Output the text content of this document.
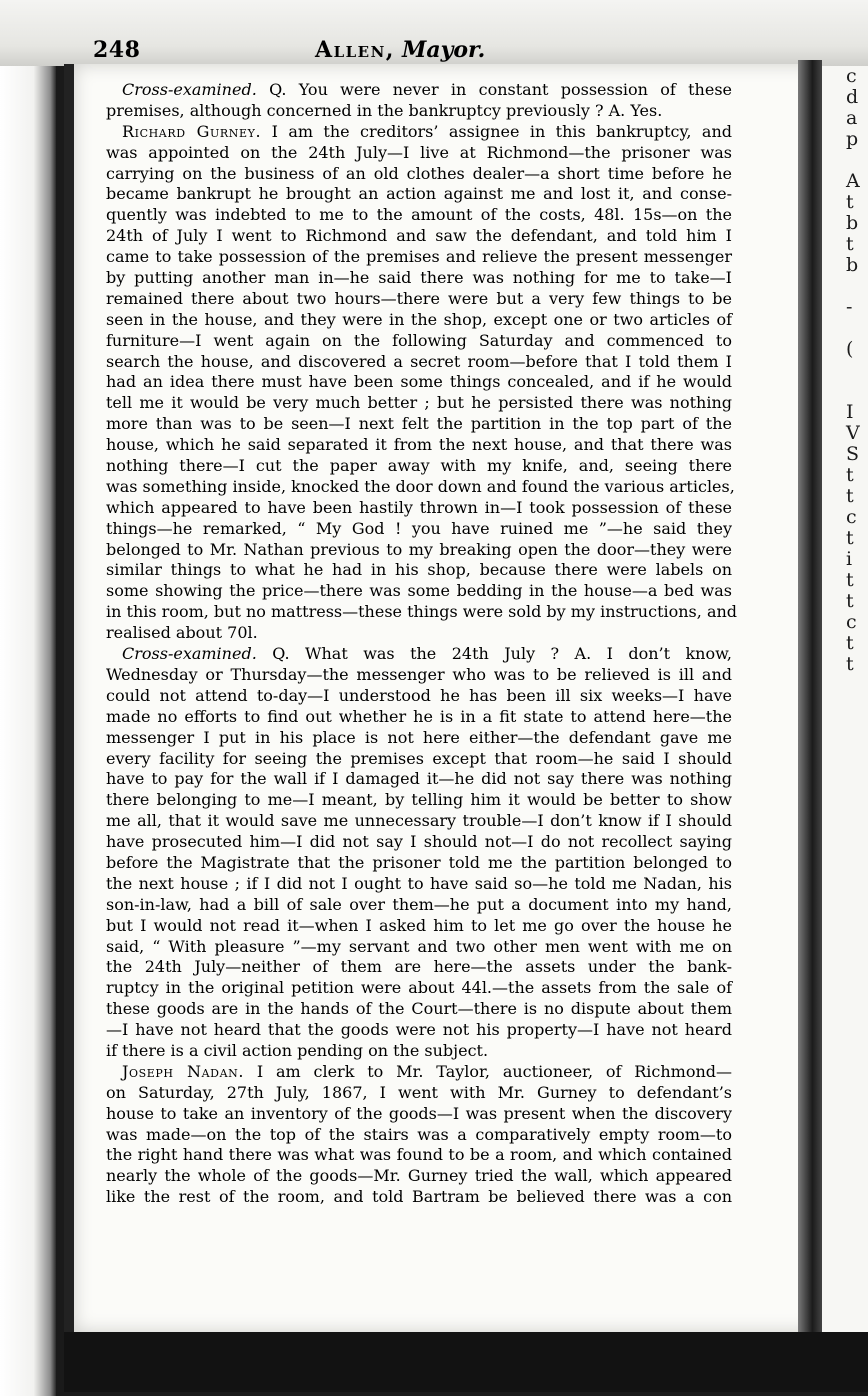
248	Allen, Mayor.
Cross-examined. Q. You were never in constant possession of these
premises, although concerned in the bankruptcy previously ? A. Yes.
Richard Gurney. I am the creditors’ assignee in this bankruptcy, and
was appointed on the 24th July—I live at Richmond—the prisoner was
carrying on the business of an old clothes dealer—a short time before he
became bankrupt he brought an action against me and lost it, and conse-
quently was indebted to me to the amount of the costs, 48l. 15s—on the
24th of July I went to Richmond and saw the defendant, and told him I
came to take possession of the premises and relieve the present messenger
by putting another man in—he said there was nothing for me to take—I
remained there about two hours—there were but a very few things to be
seen in the house, and they were in the shop, except one or two articles of
furniture—I went again on the following Saturday and commenced to
search the house, and discovered a secret room—before that I told them I
had an idea there must have been some things concealed, and if he would
tell me it would be very much better ; but he persisted there was nothing
more than was to be seen—I next felt the partition in the top part of the
house, which he said separated it from the next house, and that there was
nothing there—I cut the paper away with my knife, and, seeing there
was something inside, knocked the door down and found the various articles,
which appeared to have been hastily thrown in—I took possession of these
things—he remarked, “ My God ! you have ruined me ”—he said they
belonged to Mr. Nathan previous to my breaking open the door—they were
similar things to what he had in his shop, because there were labels on
some showing the price—there was some bedding in the house—a bed was
in this room, but no mattress—these things were sold by my instructions, and
realised about 70l.
Cross-examined. Q. What was the 24th July ? A. I don’t know,
Wednesday or Thursday—the messenger who was to be relieved is ill and
could not attend to-day—I understood he has been ill six weeks—I have
made no efforts to find out whether he is in a fit state to attend here—the
messenger I put in his place is not here either—the defendant gave me
every facility for seeing the premises except that room—he said I should
have to pay for the wall if I damaged it—he did not say there was nothing
there belonging to me—I meant, by telling him it would be better to show
me all, that it would save me unnecessary trouble—I don’t know if I should
have prosecuted him—I did not say I should not—I do not recollect saying
before the Magistrate that the prisoner told me the partition belonged to
the next house ; if I did not I ought to have said so—he told me Nadan, his
son-in-law, had a bill of sale over them—he put a document into my hand,
but I would not read it—when I asked him to let me go over the house he
said, “ With pleasure ”—my servant and two other men went with me on
the 24th July—neither of them are here—the assets under the bank-
ruptcy in the original petition were about 44l.—the assets from the sale of
these goods are in the hands of the Court—there is no dispute about them
—I have not heard that the goods were not his property—I have not heard
if there is a civil action pending on the subject.
Joseph Nadan. I am clerk to Mr. Taylor, auctioneer, of Richmond—
on Saturday, 27th July, 1867, I went with Mr. Gurney to defendant’s
house to take an inventory of the goods—I was present when the discovery
was made—on the top of the stairs was a comparatively empty room—to
the right hand there was what was found to be a room, and which contained
nearly the whole of the goods—Mr. Gurney tried the wall, which appeared
like the rest of the room, and told Bartram be believed there was a con
c
d
a
p
A
t
b
t
b
-
(
I
V
S
t
t
c
t
i
t
t
c
t
t
